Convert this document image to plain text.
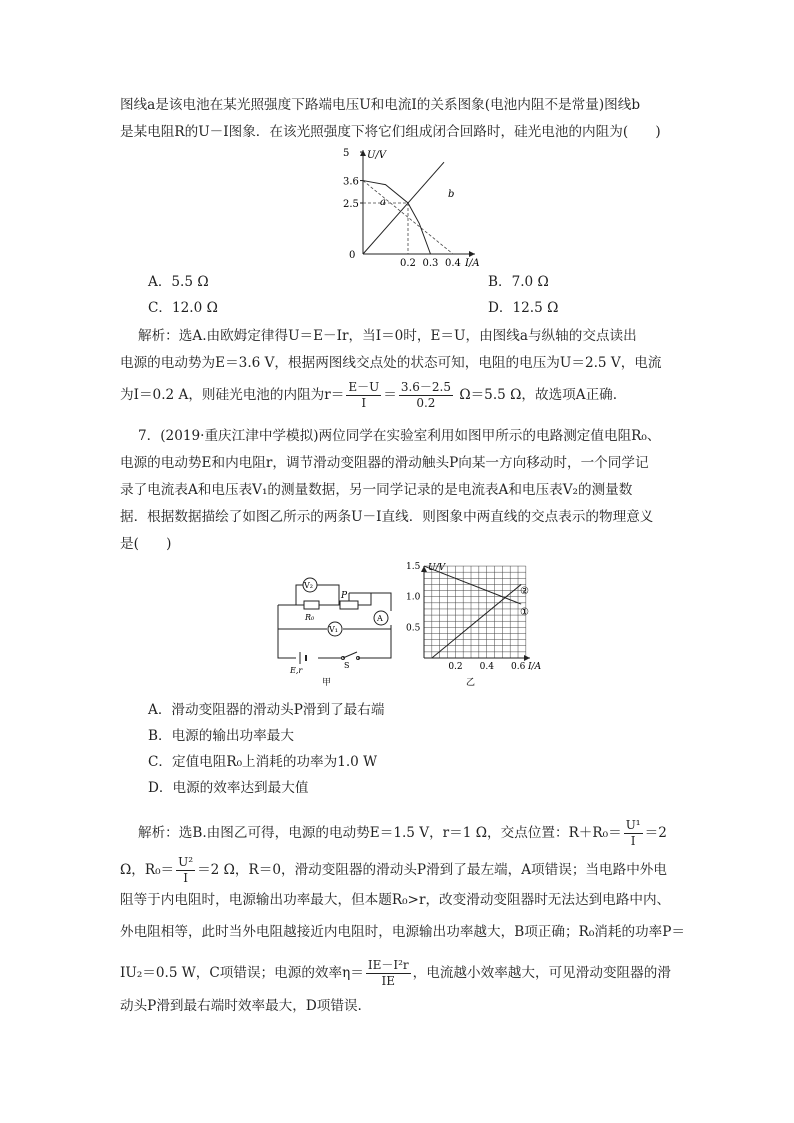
图线a是该电池在某光照强度下路端电压U和电流I的关系图象(电池内阻不是常量)图线b
是某电阻R的U－I图象．在该光照强度下将它们组成闭合回路时，硅光电池的内阻为(　　)
U/V
I/A
0
5
3.6
2.5
0.2 0.3 0.4
a
b
A．5.5 Ω	B．7.0 Ω
C．12.0 Ω	D．12.5 Ω
解析：选A.由欧姆定律得U＝E－Ir，当I＝0时，E＝U，由图线a与纵轴的交点读出
电源的电动势为E＝3.6 V，根据两图线交点处的状态可知，电阻的电压为U＝2.5 V，电流
为I＝0.2 A，则硅光电池的内阻为$r= \frac{E-U}{I} = \frac{3.6-2.5}{0.2} \Omega=5.5$ Ω，故选项A正确.
7．(2019·重庆江津中学模拟)两位同学在实验室利用如图甲所示的电路测定值电阻R₀、
电源的电动势E和内电阻r，调节滑动变阻器的滑动触头P向某一方向移动时，一个同学记
录了电流表A和电压表V₁的测量数据，另一同学记录的是电流表A和电压表V₂的测量数
据．根据数据描绘了如图乙所示的两条U－I直线．则图象中两直线的交点表示的物理意义
是(　　)
V₂
V₁
A
R₀
P
E,r
S
甲
U/V
I/A
1.5
1.0
0.5
0.2 0.4 0.6
②
①
乙
A．滑动变阻器的滑动头P滑到了最右端
B．电源的输出功率最大
C．定值电阻R₀上消耗的功率为1.0 W
D．电源的效率达到最大值
解析：选B.由图乙可得，电源的电动势E＝1.5 V，r＝1 Ω，交点位置：$R+R_0= \frac{\text{U¹}}{I} =2$
Ω，$R_0= \frac{\text{U²}}{I} =2$ Ω，R＝0，滑动变阻器的滑动头P滑到了最左端，A项错误；当电路中外电
阻等于内电阻时，电源输出功率最大，但本题R₀>r，改变滑动变阻器时无法达到电路中内、
外电阻相等，此时当外电阻越接近内电阻时，电源输出功率越大，B项正确；R₀消耗的功率P＝
IU₂＝0.5 W，C项错误；电源的效率$\eta= \frac{\text{IE－I²r}}{IE}$ ，电流越小效率越大，可见滑动变阻器的滑
动头P滑到最右端时效率最大，D项错误.
